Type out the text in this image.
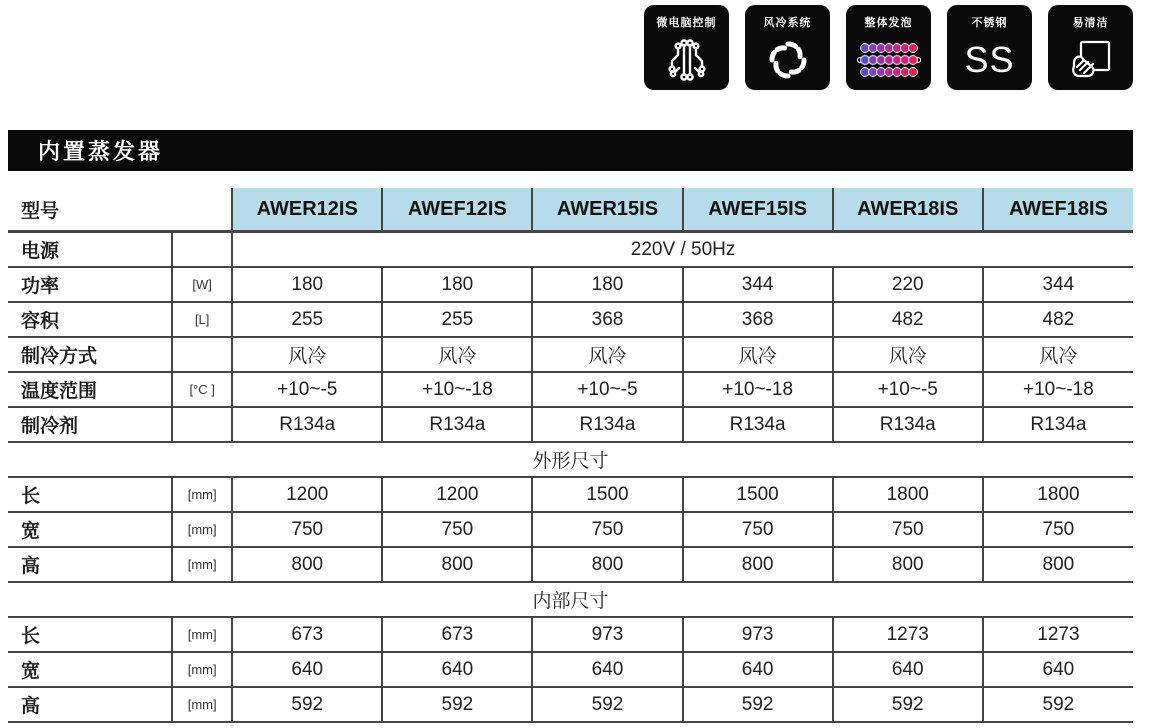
微电脑控制	风冷系统	整体发泡	不锈钢
SS
易清洁
内置蒸发器
型号		AWER12IS	AWEF12IS	AWER15IS	AWEF15IS	AWER18IS	AWEF18IS
电源		220V / 50Hz					
功率	[W]	180	180	180	344	220	344
容积	[L]	255	255	368	368	482	482
制冷方式		风冷	风冷	风冷	风冷	风冷	风冷
温度范围	[°C ]	+10~-5	+10~-18	+10~-5	+10~-18	+10~-5	+10~-18
制冷剂		R134a	R134a	R134a	R134a	R134a	R134a
外形尺寸							
长	[mm]	1200	1200	1500	1500	1800	1800
宽	[mm]	750	750	750	750	750	750
高	[mm]	800	800	800	800	800	800
内部尺寸							
长	[mm]	673	673	973	973	1273	1273
宽	[mm]	640	640	640	640	640	640
高	[mm]	592	592	592	592	592	592
